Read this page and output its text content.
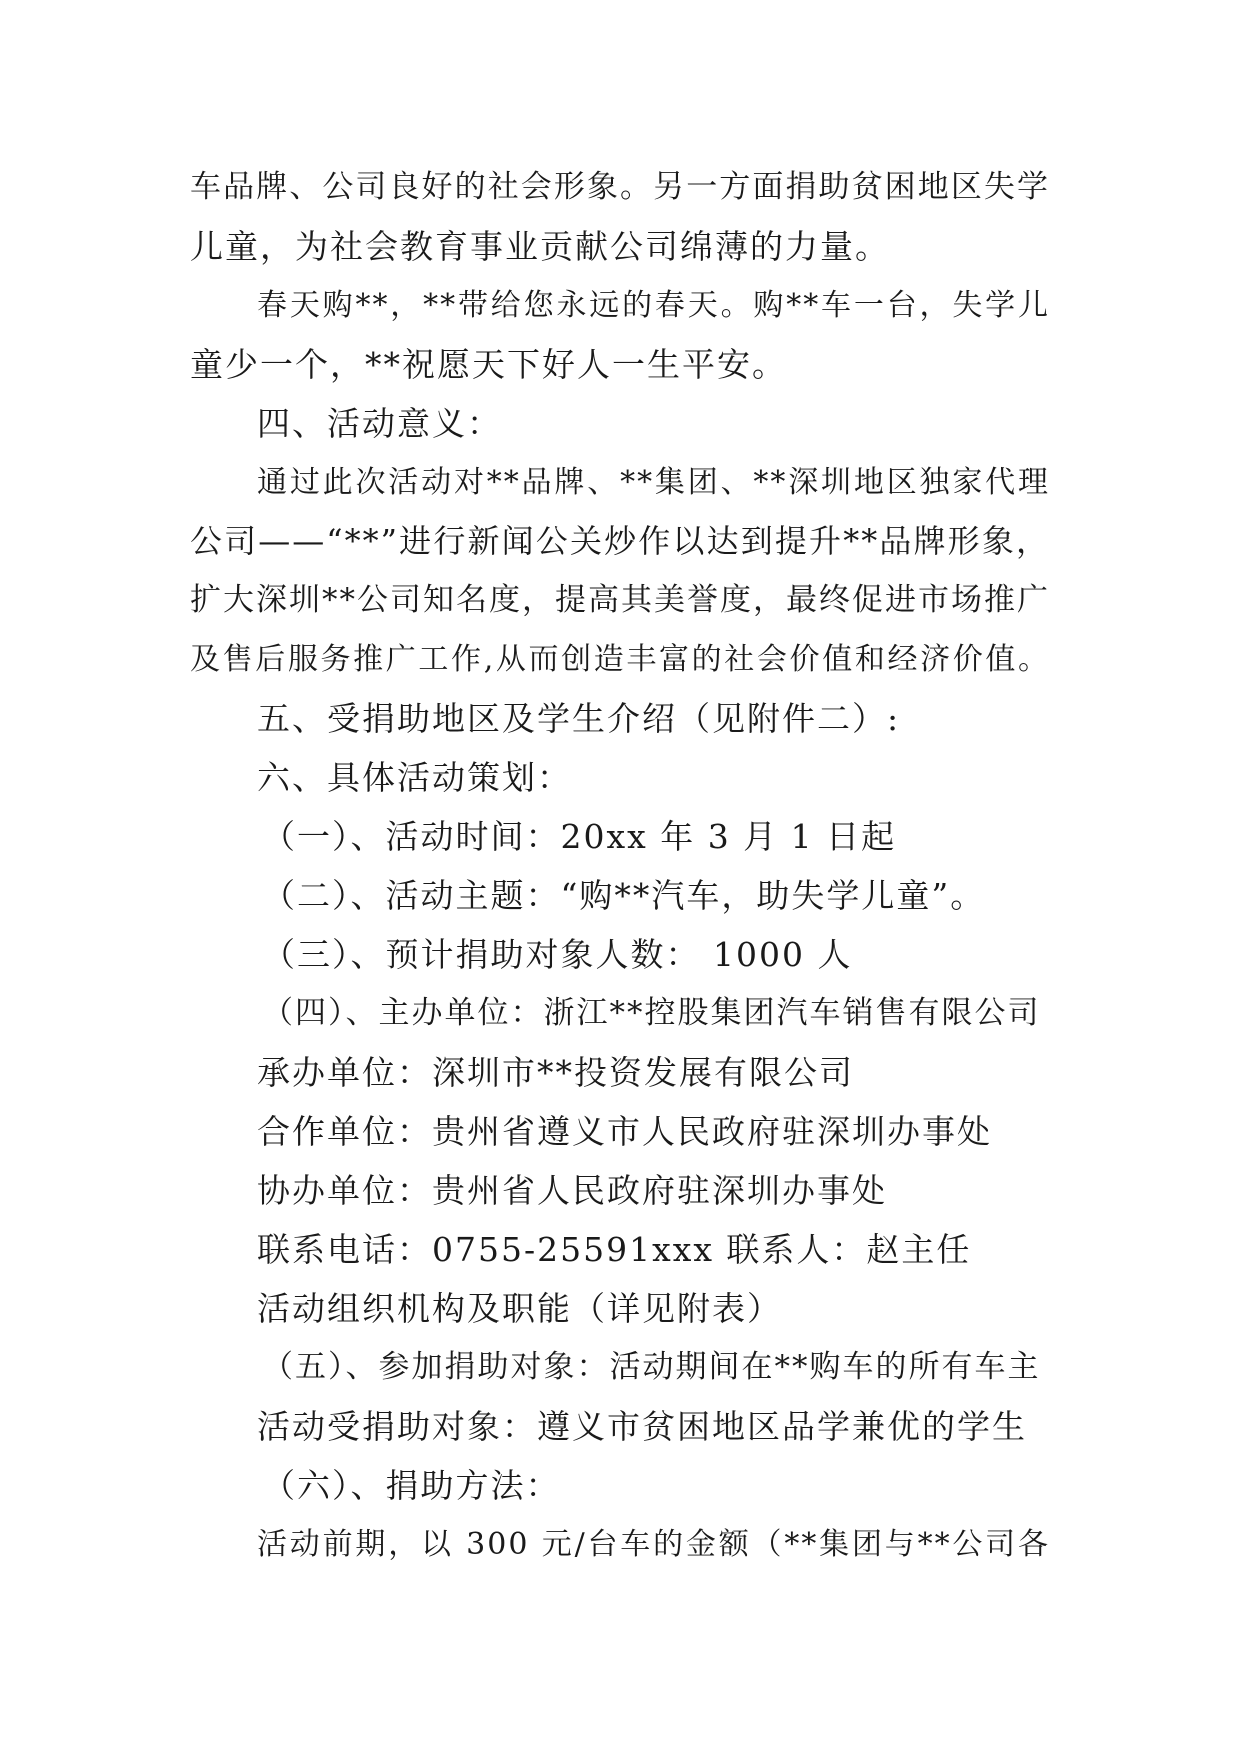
车品牌、公司良好的社会形象。另一方面捐助贫困地区失学
儿童，为社会教育事业贡献公司绵薄的力量。
春天购**，**带给您永远的春天。购**车一台，失学儿
童少一个，**祝愿天下好人一生平安。
四、活动意义：
通过此次活动对**品牌、**集团、**深圳地区独家代理
公司——“**”进行新闻公关炒作以达到提升**品牌形象，
扩大深圳**公司知名度，提高其美誉度，最终促进市场推广
及售后服务推广工作,从而创造丰富的社会价值和经济价值。
五、受捐助地区及学生介绍（见附件二）:
六、具体活动策划：
（一）、活动时间：20xx 年 3 月 1 日起
（二）、活动主题：“购**汽车，助失学儿童”。
（三）、预计捐助对象人数： 1000 人
（四）、主办单位：浙江**控股集团汽车销售有限公司
承办单位：深圳市**投资发展有限公司
合作单位：贵州省遵义市人民政府驻深圳办事处
协办单位：贵州省人民政府驻深圳办事处
联系电话：0755-25591xxx 联系人：赵主任
活动组织机构及职能（详见附表）
（五）、参加捐助对象：活动期间在**购车的所有车主
活动受捐助对象：遵义市贫困地区品学兼优的学生
（六）、捐助方法：
活动前期，以 300 元/台车的金额（**集团与**公司各
